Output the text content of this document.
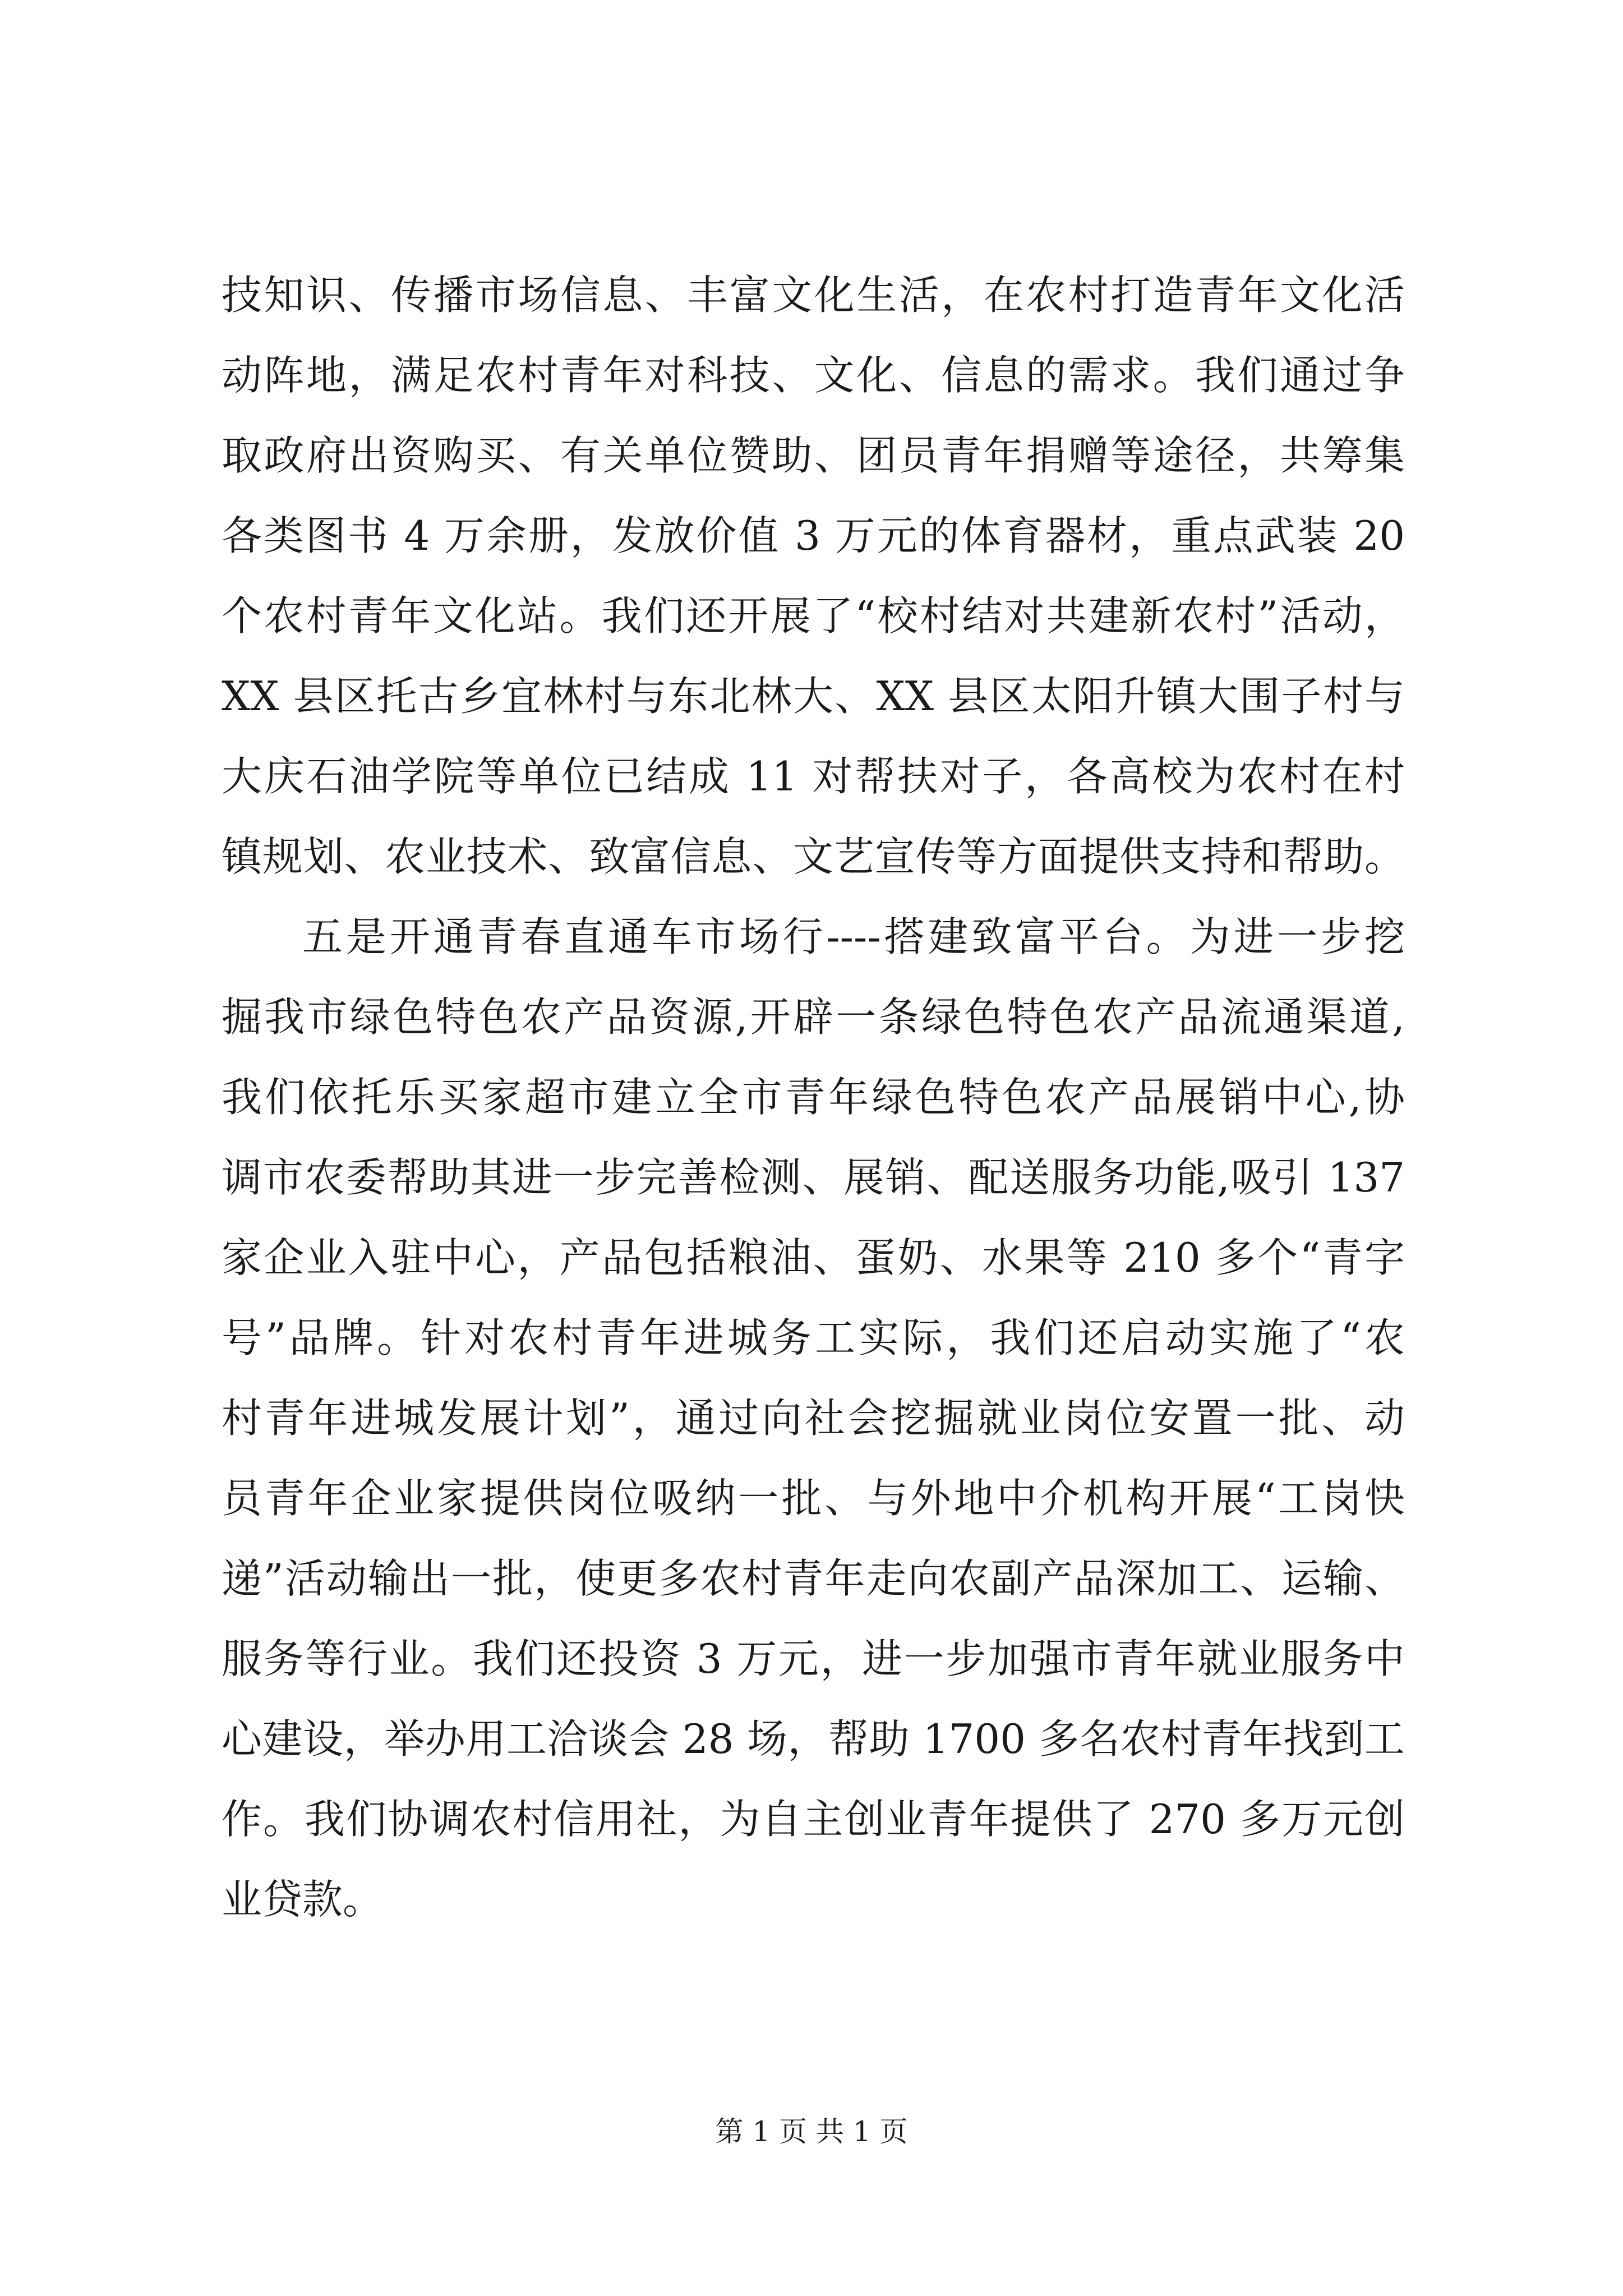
技知识、传播市场信息、丰富文化生活，在农村打造青年文化活
动阵地，满足农村青年对科技、文化、信息的需求。我们通过争
取政府出资购买、有关单位赞助、团员青年捐赠等途径，共筹集
各类图书 4 万余册，发放价值 3 万元的体育器材，重点武装 20
个农村青年文化站。我们还开展了“校村结对共建新农村”活动，
XX 县区托古乡宜林村与东北林大、XX 县区太阳升镇大围子村与
大庆石油学院等单位已结成 11 对帮扶对子，各高校为农村在村
镇规划、农业技术、致富信息、文艺宣传等方面提供支持和帮助。
五是开通青春直通车市场行----搭建致富平台。为进一步挖
掘我市绿色特色农产品资源,开辟一条绿色特色农产品流通渠道,
我们依托乐买家超市建立全市青年绿色特色农产品展销中心,协
调市农委帮助其进一步完善检测、展销、配送服务功能,吸引 137
家企业入驻中心，产品包括粮油、蛋奶、水果等 210 多个“青字
号”品牌。针对农村青年进城务工实际，我们还启动实施了“农
村青年进城发展计划”，通过向社会挖掘就业岗位安置一批、动
员青年企业家提供岗位吸纳一批、与外地中介机构开展“工岗快
递”活动输出一批，使更多农村青年走向农副产品深加工、运输、
服务等行业。我们还投资 3 万元，进一步加强市青年就业服务中
心建设，举办用工洽谈会 28 场，帮助 1700 多名农村青年找到工
作。我们协调农村信用社，为自主创业青年提供了 270 多万元创
业贷款。
第 1 页 共 1 页
